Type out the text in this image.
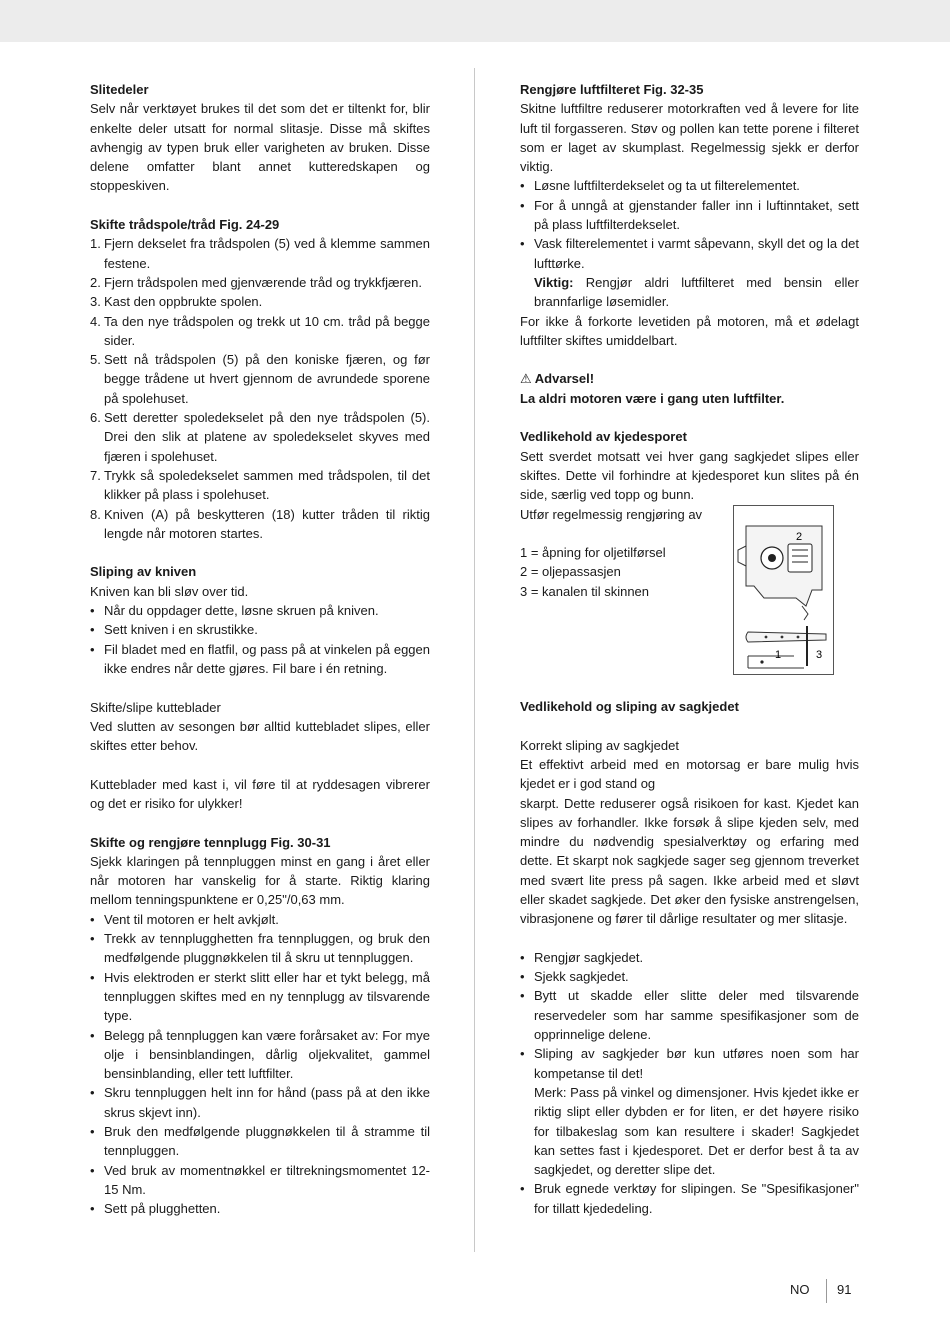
Slitedeler

Selv når verktøyet brukes til det som det er tiltenkt for, blir enkelte deler utsatt for normal slitasje. Disse må skiftes avhengig av typen bruk eller varigheten av bruken. Disse delene omfatter blant annet kutteredskapen og stoppeskiven.

Skifte trådspole/tråd Fig. 24-29

1. Fjern dekselet fra trådspolen (5) ved å klemme sammen festene.
2. Fjern trådspolen med gjenværende tråd og trykkfjæren.
3. Kast den oppbrukte spolen.
4. Ta den nye trådspolen og trekk ut 10 cm. tråd på begge sider.
5. Sett nå trådspolen (5) på den koniske fjæren, og før begge trådene ut hvert gjennom de avrundede sporene på spolehuset.
6. Sett deretter spoledekselet på den nye trådspolen (5). Drei den slik at platene av spoledekselet skyves med fjæren i spolehuset.
7. Trykk så spoledekselet sammen med trådspolen, til det klikker på plass i spolehuset.
8. Kniven (A) på beskytteren (18) kutter tråden til riktig lengde når motoren startes.

Sliping av kniven

Kniven kan bli sløv over tid.

• Når du oppdager dette, løsne skruen på kniven.
• Sett kniven i en skrustikke.
• Fil bladet med en flatfil, og pass på at vinkelen på eggen ikke endres når dette gjøres. Fil bare i én retning.

Skifte/slipe kutteblader

Ved slutten av sesongen bør alltid kuttebladet slipes, eller skiftes etter behov.

Kutteblader med kast i, vil føre til at ryddesagen vibrerer og det er risiko for ulykker!

Skifte og rengjøre tennplugg Fig. 30-31

Sjekk klaringen på tennpluggen minst en gang i året eller når motoren har vanskelig for å starte. Riktig klaring mellom tenningspunktene er 0,25"/0,63 mm.

• Vent til motoren er helt avkjølt.
• Trekk av tennplugghetten fra tennpluggen, og bruk den medfølgende pluggnøkkelen til å skru ut tennpluggen.
• Hvis elektroden er sterkt slitt eller har et tykt belegg, må tennpluggen skiftes med en ny tennplugg av tilsvarende type.
• Belegg på tennpluggen kan være forårsaket av: For mye olje i bensinblandingen, dårlig oljekvalitet, gammel bensinblanding, eller tett luftfilter.
• Skru tennpluggen helt inn for hånd (pass på at den ikke skrus skjevt inn).
• Bruk den medfølgende pluggnøkkelen til å stramme til tennpluggen.
• Ved bruk av momentnøkkel er tiltrekningsmomentet 12-15 Nm.
• Sett på plugghetten.

Rengjøre luftfilteret Fig. 32-35

Skitne luftfiltre reduserer motorkraften ved å levere for lite luft til forgasseren. Støv og pollen kan tette porene i filteret som er laget av skumplast. Regelmessig sjekk er derfor viktig.

• Løsne luftfilterdekselet og ta ut filterelementet.
• For å unngå at gjenstander faller inn i luftinntaket, sett på plass luftfilterdekselet.
• Vask filterelementet i varmt såpevann, skyll det og la det lufttørke.

Viktig: Rengjør aldri luftfilteret med bensin eller brannfarlige løsemidler.

For ikke å forkorte levetiden på motoren, må et ødelagt luftfilter skiftes umiddelbart.

⚠ Advarsel!

La aldri motoren være i gang uten luftfilter.

Vedlikehold av kjedesporet

Sett sverdet motsatt vei hver gang sagkjedet slipes eller skiftes. Dette vil forhindre at kjedesporet kun slites på én side, særlig ved topp og bunn.

Utfør regelmessig rengjøring av

1 = åpning for oljetilførsel

2 = oljepassasjen

3 = kanalen til skinnen

Vedlikehold og sliping av sagkjedet

Korrekt sliping av sagkjedet

Et effektivt arbeid med en motorsag er bare mulig hvis kjedet er i god stand og

skarpt. Dette reduserer også risikoen for kast. Kjedet kan slipes av forhandler. Ikke forsøk å slipe kjeden selv, med mindre du nødvendig spesialverktøy og erfaring med dette. Et skarpt nok sagkjede sager seg gjennom treverket med svært lite press på sagen. Ikke arbeid med et sløvt eller skadet sagkjede. Det øker den fysiske anstrengelsen, vibrasjonene og fører til dårlige resultater og mer slitasje.

• Rengjør sagkjedet.
• Sjekk sagkjedet.
• Bytt ut skadde eller slitte deler med tilsvarende reservedeler som har samme spesifikasjoner som de opprinnelige delene.
• Sliping av sagkjeder bør kun utføres noen som har kompetanse til det!

Merk: Pass på vinkel og dimensjoner. Hvis kjedet ikke er riktig slipt eller dybden er for liten, er det høyere risiko for tilbakeslag som kan resultere i skader! Sagkjedet kan settes fast i kjedesporet. Det er derfor best å ta av sagkjedet, og deretter slipe det.

• Bruk egnede verktøy for slipingen. Se "Spesifikasjoner" for tillatt kjededeling.
2
1	3
NO 91
